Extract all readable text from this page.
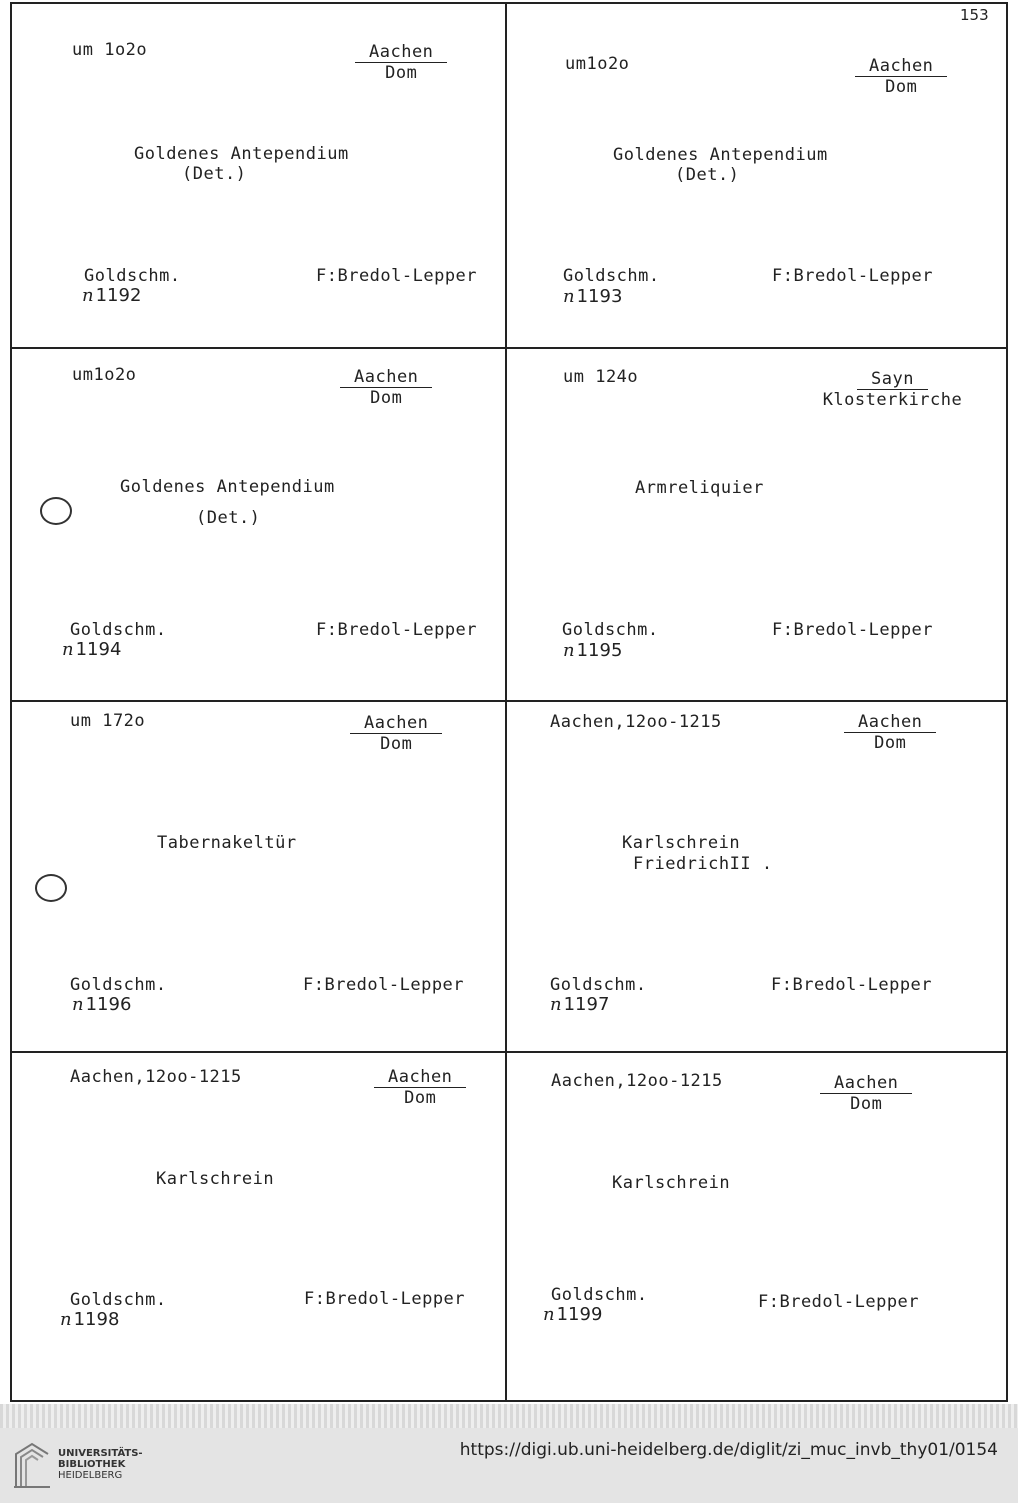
153
um 1o2o	Aachen
Dom
Goldenes Antependium
(Det.)
Goldschm.	F:Bredol-Lepper
n 1192
um1o2o	Aachen
Dom
Goldenes Antependium
(Det.)
Goldschm.	F:Bredol-Lepper
n 1193
um1o2o	Aachen
Dom
Goldenes Antependium
(Det.)
Goldschm.	F:Bredol-Lepper
n 1194
um 124o	Sayn
Klosterkirche
Armreliquier
Goldschm.	F:Bredol-Lepper
n 1195
um 172o	Aachen
Dom
Tabernakeltür
Goldschm.	F:Bredol-Lepper
n 1196
Aachen,12oo-1215	Aachen
Dom
Karlschrein
FriedrichII .
Goldschm.	F:Bredol-Lepper
n 1197
Aachen,12oo-1215	Aachen
Dom
Karlschrein
Goldschm.	F:Bredol-Lepper
n 1198
Aachen,12oo-1215	Aachen
Dom
Karlschrein
Goldschm.	F:Bredol-Lepper
n 1199
UNIVERSITÄTS-
BIBLIOTHEK
HEIDELBERG
https://digi.ub.uni-heidelberg.de/diglit/zi_muc_invb_thy01/0154
